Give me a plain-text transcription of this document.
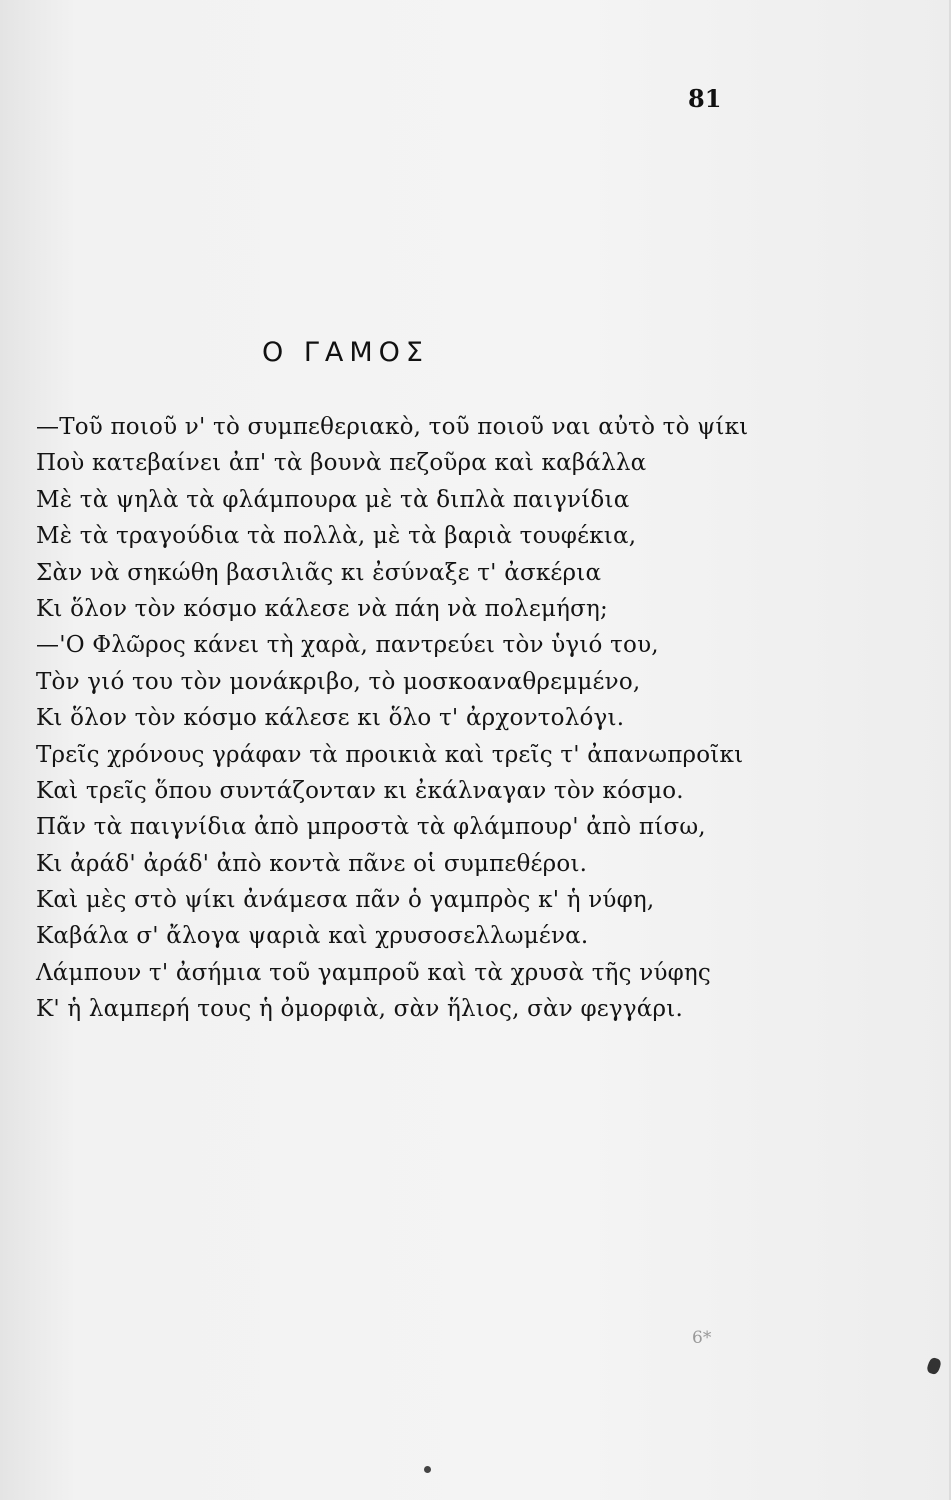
81
Ο ΓΑΜΟΣ
—Τοῦ ποιοῦ ν' τὸ συμπεθεριακὸ, τοῦ ποιοῦ ναι αὐτὸ τὸ ψίκι
Ποὺ κατεβαίνει ἀπ' τὰ βουνὰ πεζοῦρα καὶ καβάλλα
Μὲ τὰ ψηλὰ τὰ φλάμπουρα μὲ τὰ διπλὰ παιγνίδια
Μὲ τὰ τραγούδια τὰ πολλὰ, μὲ τὰ βαριὰ τουφέκια,
Σὰν νὰ σηκώθη βασιλιᾶς κι ἐσύναξε τ' ἀσκέρια
Κι ὅλον τὸν κόσμο κάλεσε νὰ πάη νὰ πολεμήση;
—'Ο Φλῶρος κάνει τὴ χαρὰ, παντρεύει τὸν ὑγιό του,
Τὸν γιό του τὸν μονάκριβο, τὸ μοσκοαναθρεμμένο,
Κι ὅλον τὸν κόσμο κάλεσε κι ὅλο τ' ἀρχοντολόγι.
Τρεῖς χρόνους γράφαν τὰ προικιὰ καὶ τρεῖς τ' ἀπανωπροῖκι
Καὶ τρεῖς ὅπου συντάζονταν κι ἐκάλναγαν τὸν κόσμο.
Πᾶν τὰ παιγνίδια ἀπὸ μπροστὰ τὰ φλάμπουρ' ἀπὸ πίσω,
Κι ἀράδ' ἀράδ' ἀπὸ κοντὰ πᾶνε οἱ συμπεθέροι.
Καὶ μὲς στὸ ψίκι ἀνάμεσα πᾶν ὁ γαμπρὸς κ' ἡ νύφη,
Καβάλα σ' ἄλογα ψαριὰ καὶ χρυσοσελλωμένα.
Λάμπουν τ' ἀσήμια τοῦ γαμπροῦ καὶ τὰ χρυσὰ τῆς νύφης
Κ' ἡ λαμπερή τους ἡ ὀμορφιὰ, σὰν ἥλιος, σὰν φεγγάρι.
6*
